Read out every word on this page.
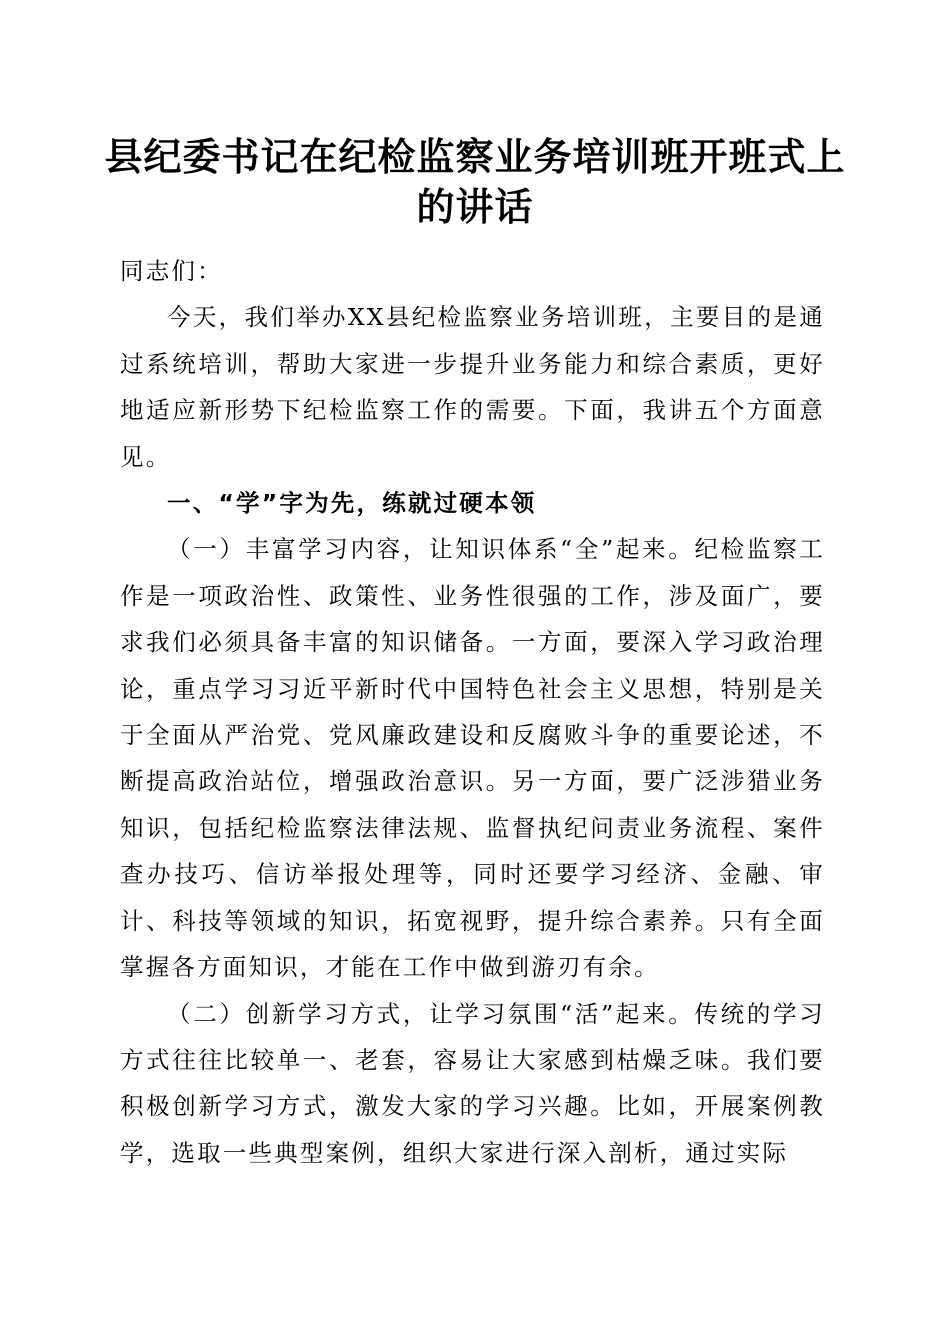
县纪委书记在纪检监察业务培训班开班式上的讲话

同志们：

今天，我们举办XX县纪检监察业务培训班，主要目的是通过系统培训，帮助大家进一步提升业务能力和综合素质，更好地适应新形势下纪检监察工作的需要。下面，我讲五个方面意见。

一、“学”字为先，练就过硬本领

（一）丰富学习内容，让知识体系“全”起来。纪检监察工作是一项政治性、政策性、业务性很强的工作，涉及面广，要求我们必须具备丰富的知识储备。一方面，要深入学习政治理论，重点学习习近平新时代中国特色社会主义思想，特别是关于全面从严治党、党风廉政建设和反腐败斗争的重要论述，不断提高政治站位，增强政治意识。另一方面，要广泛涉猎业务知识，包括纪检监察法律法规、监督执纪问责业务流程、案件查办技巧、信访举报处理等，同时还要学习经济、金融、审计、科技等领域的知识，拓宽视野，提升综合素养。只有全面掌握各方面知识，才能在工作中做到游刃有余。

（二）创新学习方式，让学习氛围“活”起来。传统的学习方式往往比较单一、老套，容易让大家感到枯燥乏味。我们要积极创新学习方式，激发大家的学习兴趣。比如，开展案例教学，选取一些典型案例，组织大家进行深入剖析，通过实际
